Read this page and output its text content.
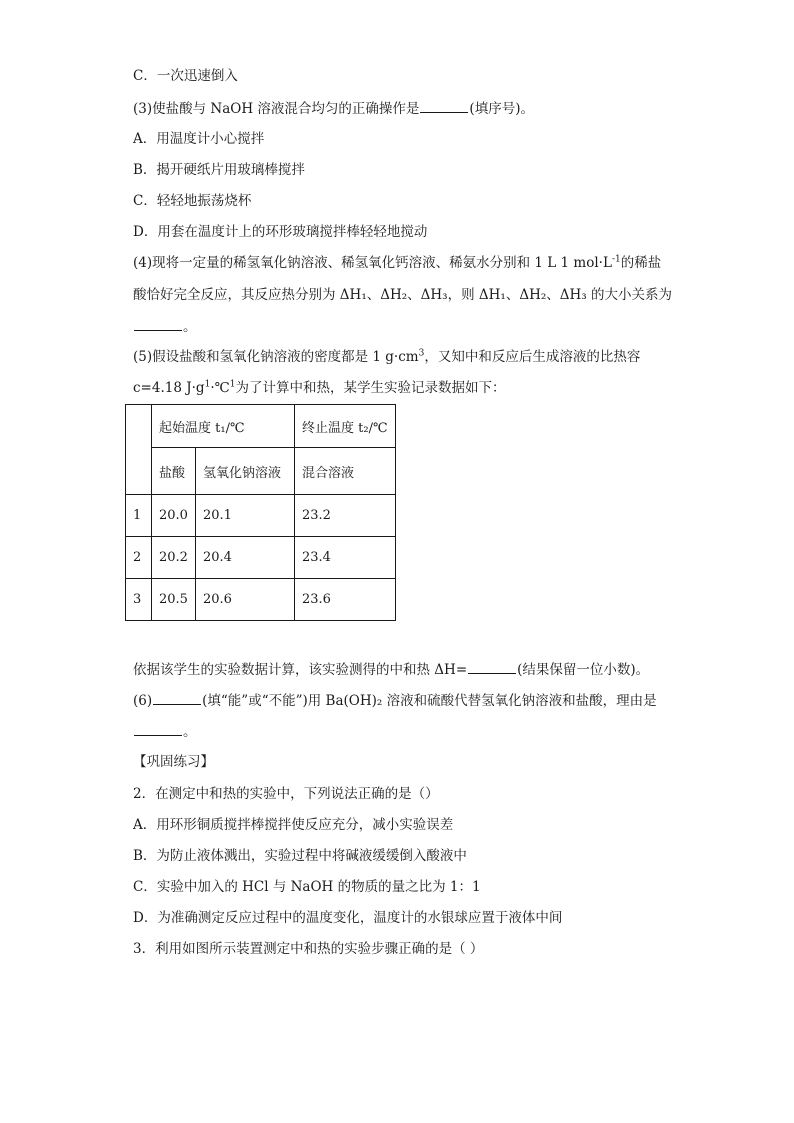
C．一次迅速倒入
(3)使盐酸与 NaOH 溶液混合均匀的正确操作是	(填序号)。
A．用温度计小心搅拌
B．揭开硬纸片用玻璃棒搅拌
C．轻轻地振荡烧杯
D．用套在温度计上的环形玻璃搅拌棒轻轻地搅动
(4)现将一定量的稀氢氧化钠溶液、稀氢氧化钙溶液、稀氨水分别和 1 L 1 $mol\cdot L^{-1}$的稀盐
酸恰好完全反应，其反应热分别为 ΔH₁、ΔH₂、ΔH₃，则 ΔH₁、ΔH₂、ΔH₃ 的大小关系为
。
(5)假设盐酸和氢氧化钠溶液的密度都是 1 $g\cdot cm^3$，又知中和反应后生成溶液的比热容
c=4.18 $J\cdot g^1\cdot℃^1$为了计算中和热，某学生实验记录数据如下：
	起始温度 t₁/℃		终止温度 t₂/℃
	盐酸	氢氧化钠溶液	混合溶液
1	20.0	20.1	23.2
2	20.2	20.4	23.4
3	20.5	20.6	23.6
依据该学生的实验数据计算，该实验测得的中和热 ΔH=	(结果保留一位小数)。
(6)	(填“能”或“不能”)用 Ba(OH)₂ 溶液和硫酸代替氢氧化钠溶液和盐酸，理由是
。
【巩固练习】
2．在测定中和热的实验中，下列说法正确的是（）
A．用环形铜质搅拌棒搅拌使反应充分，减小实验误差
B．为防止液体溅出，实验过程中将碱液缓缓倒入酸液中
C．实验中加入的 HCl 与 NaOH 的物质的量之比为 1：1
D．为准确测定反应过程中的温度变化，温度计的水银球应置于液体中间
3．利用如图所示装置测定中和热的实验步骤正确的是（ ）
